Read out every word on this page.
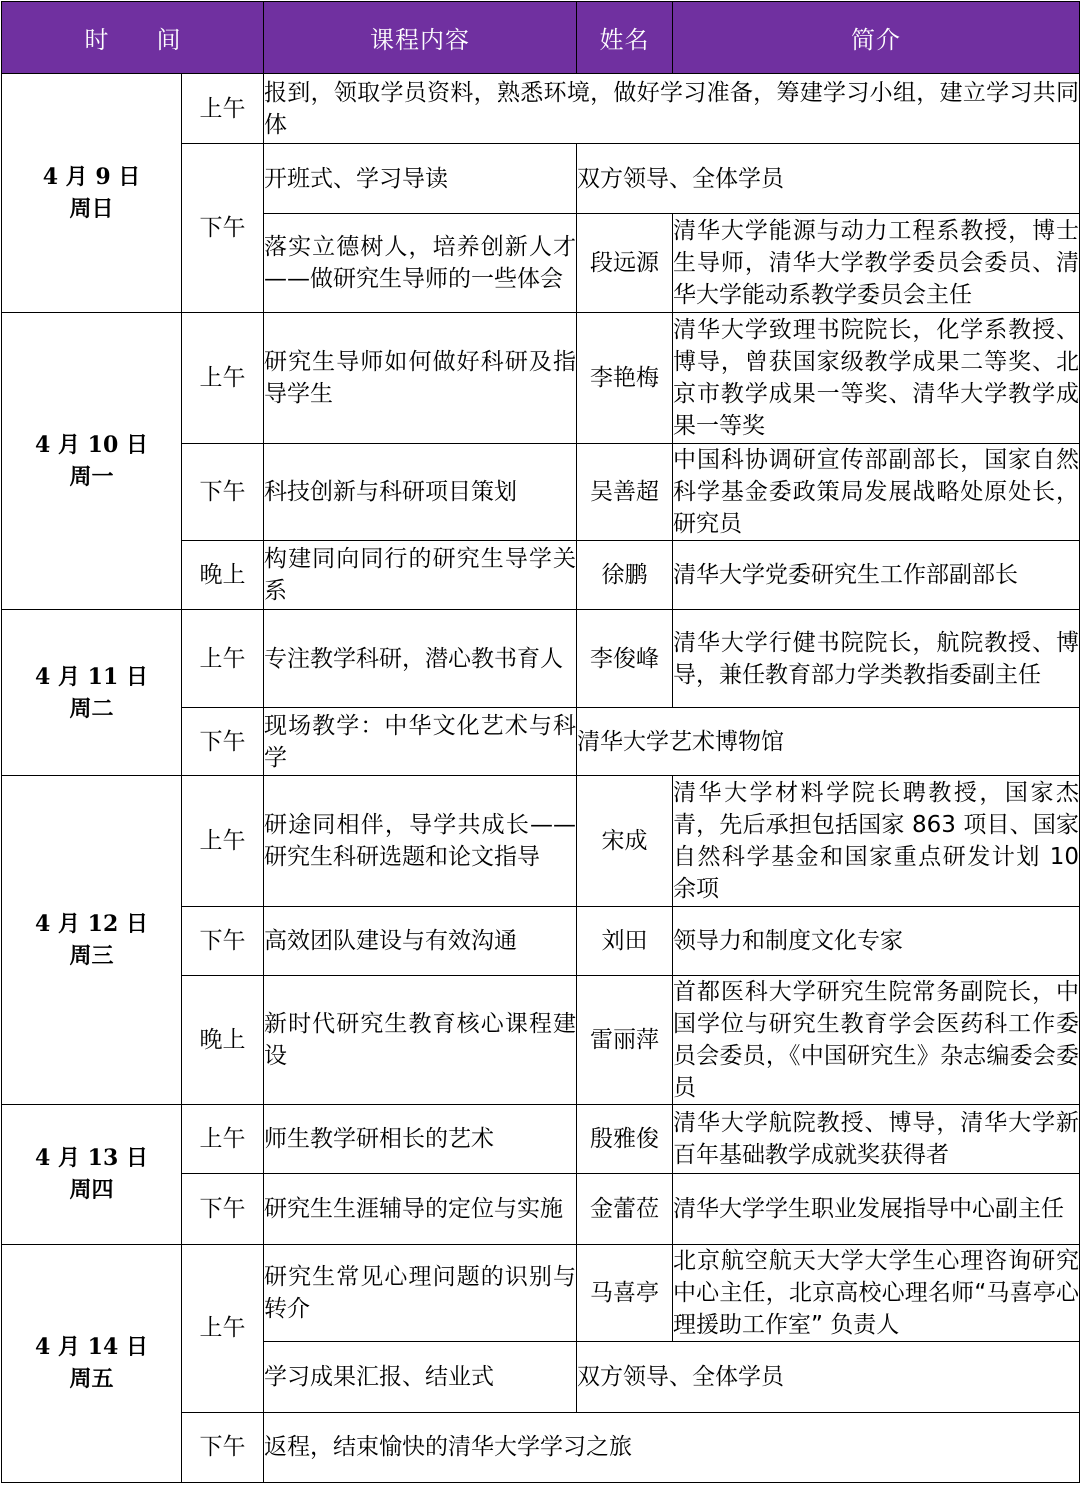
时　　间		课程内容	姓名	简介

4 月 9 日
周日	上午	报到，领取学员资料，熟悉环境，做好学习准备，筹建学习小组，建立学习共同体		
	下午	开班式、学习导读	双方领导、全体学员	
		落实立德树人，培养创新人才——做研究生导师的一些体会	段远源	清华大学能源与动力工程系教授，博士生导师，清华大学教学委员会委员、清华大学能动系教学委员会主任

4 月 10 日
周一	上午	研究生导师如何做好科研及指导学生	李艳梅	清华大学致理书院院长，化学系教授、博导，曾获国家级教学成果二等奖、北京市教学成果一等奖、清华大学教学成果一等奖
	下午	科技创新与科研项目策划	吴善超	中国科协调研宣传部副部长，国家自然科学基金委政策局发展战略处原处长，研究员
	晚上	构建同向同行的研究生导学关系	徐鹏	清华大学党委研究生工作部副部长

4 月 11 日
周二	上午	专注教学科研，潜心教书育人	李俊峰	清华大学行健书院院长，航院教授、博导，兼任教育部力学类教指委副主任
	下午	现场教学：中华文化艺术与科学	清华大学艺术博物馆	

4 月 12 日
周三	上午	研途同相伴，导学共成长——研究生科研选题和论文指导	宋成	清华大学材料学院长聘教授，国家杰青，先后承担包括国家 863 项目、国家自然科学基金和国家重点研发计划 10 余项
	下午	高效团队建设与有效沟通	刘田	领导力和制度文化专家
	晚上	新时代研究生教育核心课程建设	雷丽萍	首都医科大学研究生院常务副院长，中国学位与研究生教育学会医药科工作委员会委员，《中国研究生》杂志编委会委员

4 月 13 日
周四	上午	师生教学研相长的艺术	殷雅俊	清华大学航院教授、博导，清华大学新百年基础教学成就奖获得者
	下午	研究生生涯辅导的定位与实施	金蕾莅	清华大学学生职业发展指导中心副主任

4 月 14 日
周五	上午	研究生常见心理问题的识别与转介	马喜亭	北京航空航天大学大学生心理咨询研究中心主任，北京高校心理名师“马喜亭心理援助工作室” 负责人
		学习成果汇报、结业式	双方领导、全体学员	
	下午	返程，结束愉快的清华大学学习之旅		
